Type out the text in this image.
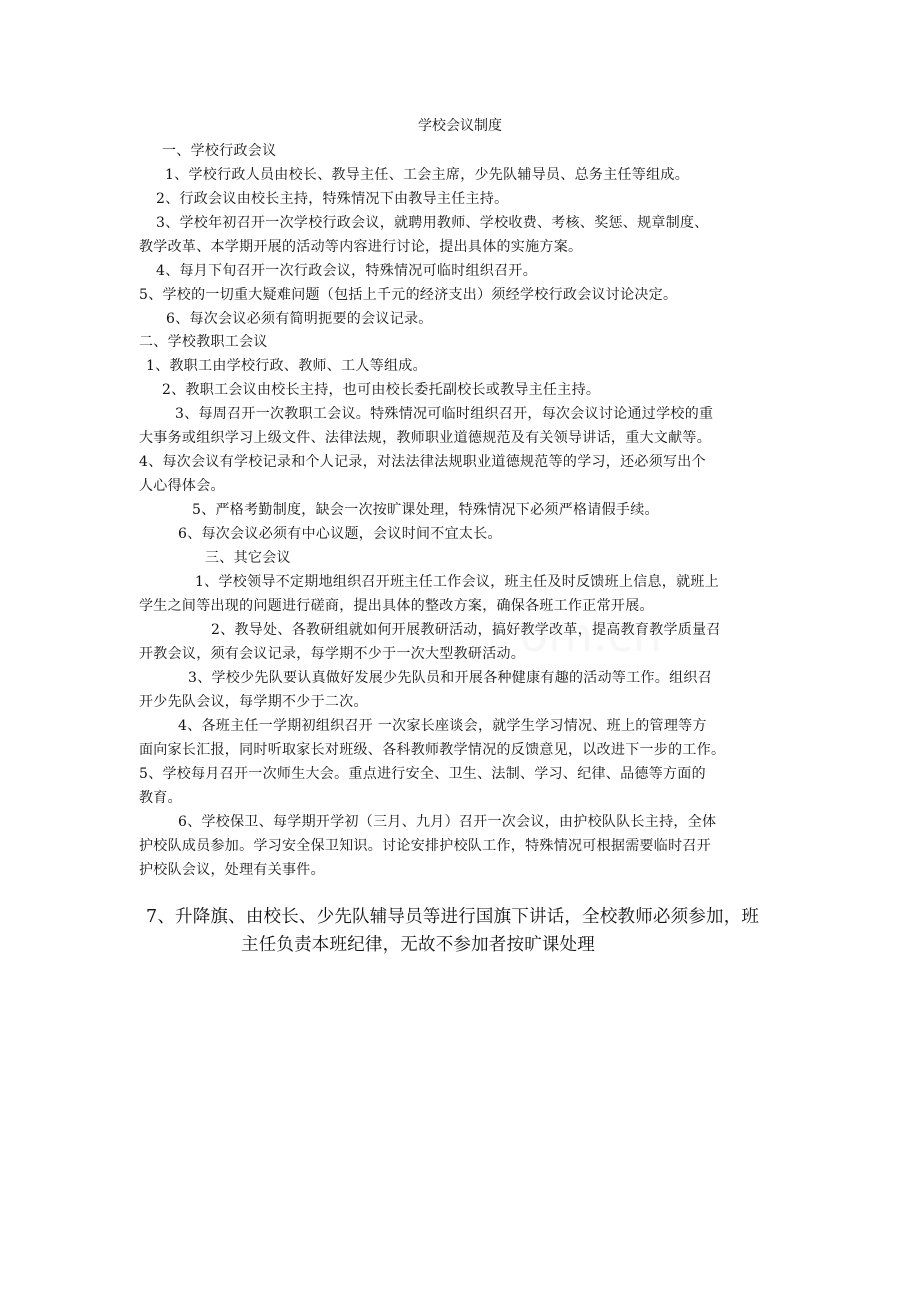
学校会议制度
一、学校行政会议
1、学校行政人员由校长、教导主任、工会主席，少先队辅导员、总务主任等组成。
2、行政会议由校长主持，特殊情况下由教导主任主持。
3、学校年初召开一次学校行政会议，就聘用教师、学校收费、考核、奖惩、规章制度、
教学改革、本学期开展的活动等内容进行讨论，提出具体的实施方案。
4、每月下旬召开一次行政会议，特殊情况可临时组织召开。
5、学校的一切重大疑难问题（包括上千元的经济支出）须经学校行政会议讨论决定。
6、每次会议必须有简明扼要的会议记录。
二、学校教职工会议
1、教职工由学校行政、教师、工人等组成。
2、教职工会议由校长主持，也可由校长委托副校长或教导主任主持。
3、每周召开一次教职工会议。特殊情况可临时组织召开，每次会议讨论通过学校的重
大事务或组织学习上级文件、法律法规，教师职业道德规范及有关领导讲话，重大文献等。
4、每次会议有学校记录和个人记录，对法法律法规职业道德规范等的学习，还必须写出个
人心得体会。
5、严格考勤制度，缺会一次按旷课处理，特殊情况下必须严格请假手续。
6、每次会议必须有中心议题，会议时间不宜太长。
三、其它会议
1、学校领导不定期地组织召开班主任工作会议，班主任及时反馈班上信息，就班上
学生之间等出现的问题进行磋商，提出具体的整改方案，确保各班工作正常开展。
2、教导处、各教研组就如何开展教研活动，搞好教学改革，提高教育教学质量召
开教会议，须有会议记录，每学期不少于一次大型教研活动。
3、学校少先队要认真做好发展少先队员和开展各种健康有趣的活动等工作。组织召
开少先队会议，每学期不少于二次。
4、各班主任一学期初组织召开 一次家长座谈会，就学生学习情况、班上的管理等方
面向家长汇报，同时听取家长对班级、各科教师教学情况的反馈意见，以改进下一步的工作。
5、学校每月召开一次师生大会。重点进行安全、卫生、法制、学习、纪律、品德等方面的
教育。
6、学校保卫、每学期开学初（三月、九月）召开一次会议，由护校队队长主持，全体
护校队成员参加。学习安全保卫知识。讨论安排护校队工作，特殊情况可根据需要临时召开
护校队会议，处理有关事件。
7、升降旗、由校长、少先队辅导员等进行国旗下讲话，全校教师必须参加，班
主任负责本班纪律，无故不参加者按旷课处理
om.cn
